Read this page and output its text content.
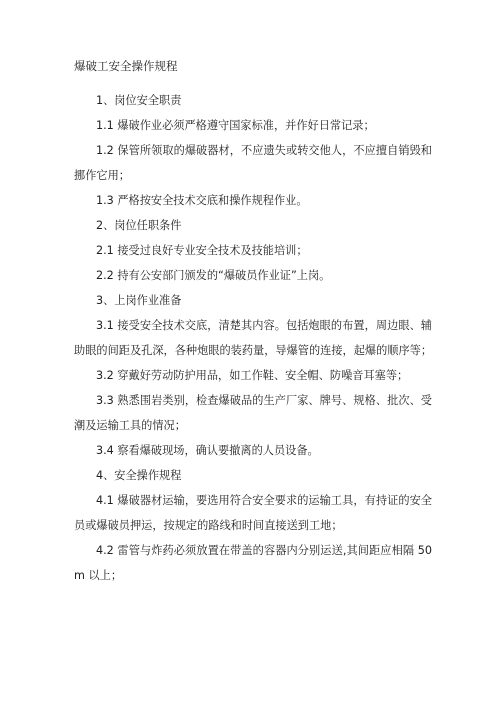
爆破工安全操作规程

1、岗位安全职责

1.1 爆破作业必须严格遵守国家标准，并作好日常记录；

1.2 保管所领取的爆破器材，不应遗失或转交他人，不应擅自销毁和挪作它用；

1.3 严格按安全技术交底和操作规程作业。

2、岗位任职条件

2.1 接受过良好专业安全技术及技能培训；

2.2 持有公安部门颁发的“爆破员作业证”上岗。

3、上岗作业准备

3.1 接受安全技术交底，清楚其内容。包括炮眼的布置，周边眼、辅助眼的间距及孔深，各种炮眼的装药量，导爆管的连接，起爆的顺序等；

3.2 穿戴好劳动防护用品，如工作鞋、安全帽、防噪音耳塞等；

3.3 熟悉围岩类别，检查爆破品的生产厂家、牌号、规格、批次、受潮及运输工具的情况；

3.4 察看爆破现场，确认要撤离的人员设备。

4、安全操作规程

4.1 爆破器材运输，要选用符合安全要求的运输工具，有持证的安全员或爆破员押运，按规定的路线和时间直接送到工地；

4.2 雷管与炸药必须放置在带盖的容器内分别运送,其间距应相隔 50m 以上；
